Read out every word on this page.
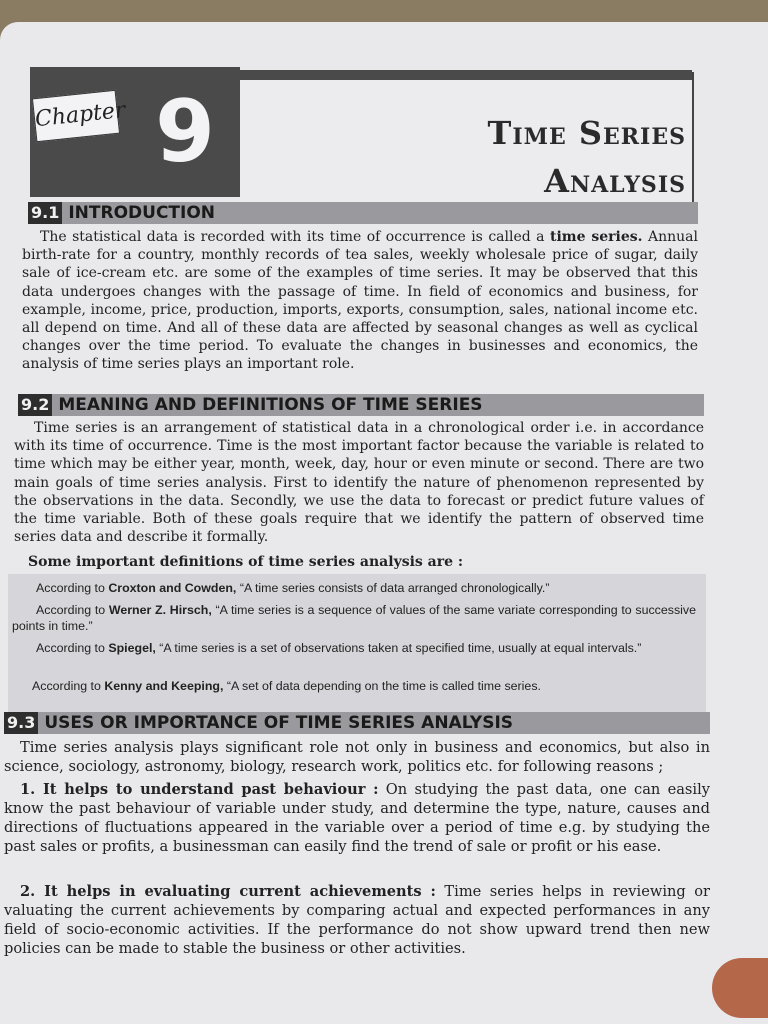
Chapter 9	Time Series
Analysis
9.1 INTRODUCTION
The statistical data is recorded with its time of occurrence is called a time series. Annual birth-rate for a country, monthly records of tea sales, weekly wholesale price of sugar, daily sale of ice-cream etc. are some of the examples of time series. It may be observed that this data undergoes changes with the passage of time. In field of economics and business, for example, income, price, production, imports, exports, consumption, sales, national income etc. all depend on time. And all of these data are affected by seasonal changes as well as cyclical changes over the time period. To evaluate the changes in businesses and economics, the analysis of time series plays an important role.
9.2 MEANING AND DEFINITIONS OF TIME SERIES
Time series is an arrangement of statistical data in a chronological order i.e. in accordance with its time of occurrence. Time is the most important factor because the variable is related to time which may be either year, month, week, day, hour or even minute or second. There are two main goals of time series analysis. First to identify the nature of phenomenon represented by the observations in the data. Secondly, we use the data to forecast or predict future values of the time variable. Both of these goals require that we identify the pattern of observed time series data and describe it formally.
Some important definitions of time series analysis are :
According to Croxton and Cowden, “A time series consists of data arranged chronologically.”
According to Werner Z. Hirsch, “A time series is a sequence of values of the same variate corresponding to successive points in time.”
According to Spiegel, “A time series is a set of observations taken at specified time, usually at equal intervals.”
According to Kenny and Keeping, “A set of data depending on the time is called time series.
9.3 USES OR IMPORTANCE OF TIME SERIES ANALYSIS
Time series analysis plays significant role not only in business and economics, but also in science, sociology, astronomy, biology, research work, politics etc. for following reasons ;
1. It helps to understand past behaviour : On studying the past data, one can easily know the past behaviour of variable under study, and determine the type, nature, causes and directions of fluctuations appeared in the variable over a period of time e.g. by studying the past sales or profits, a businessman can easily find the trend of sale or profit or his ease.
2. It helps in evaluating current achievements : Time series helps in reviewing or valuating the current achievements by comparing actual and expected performances in any field of socio-economic activities. If the performance do not show upward trend then new policies can be made to stable the business or other activities.
